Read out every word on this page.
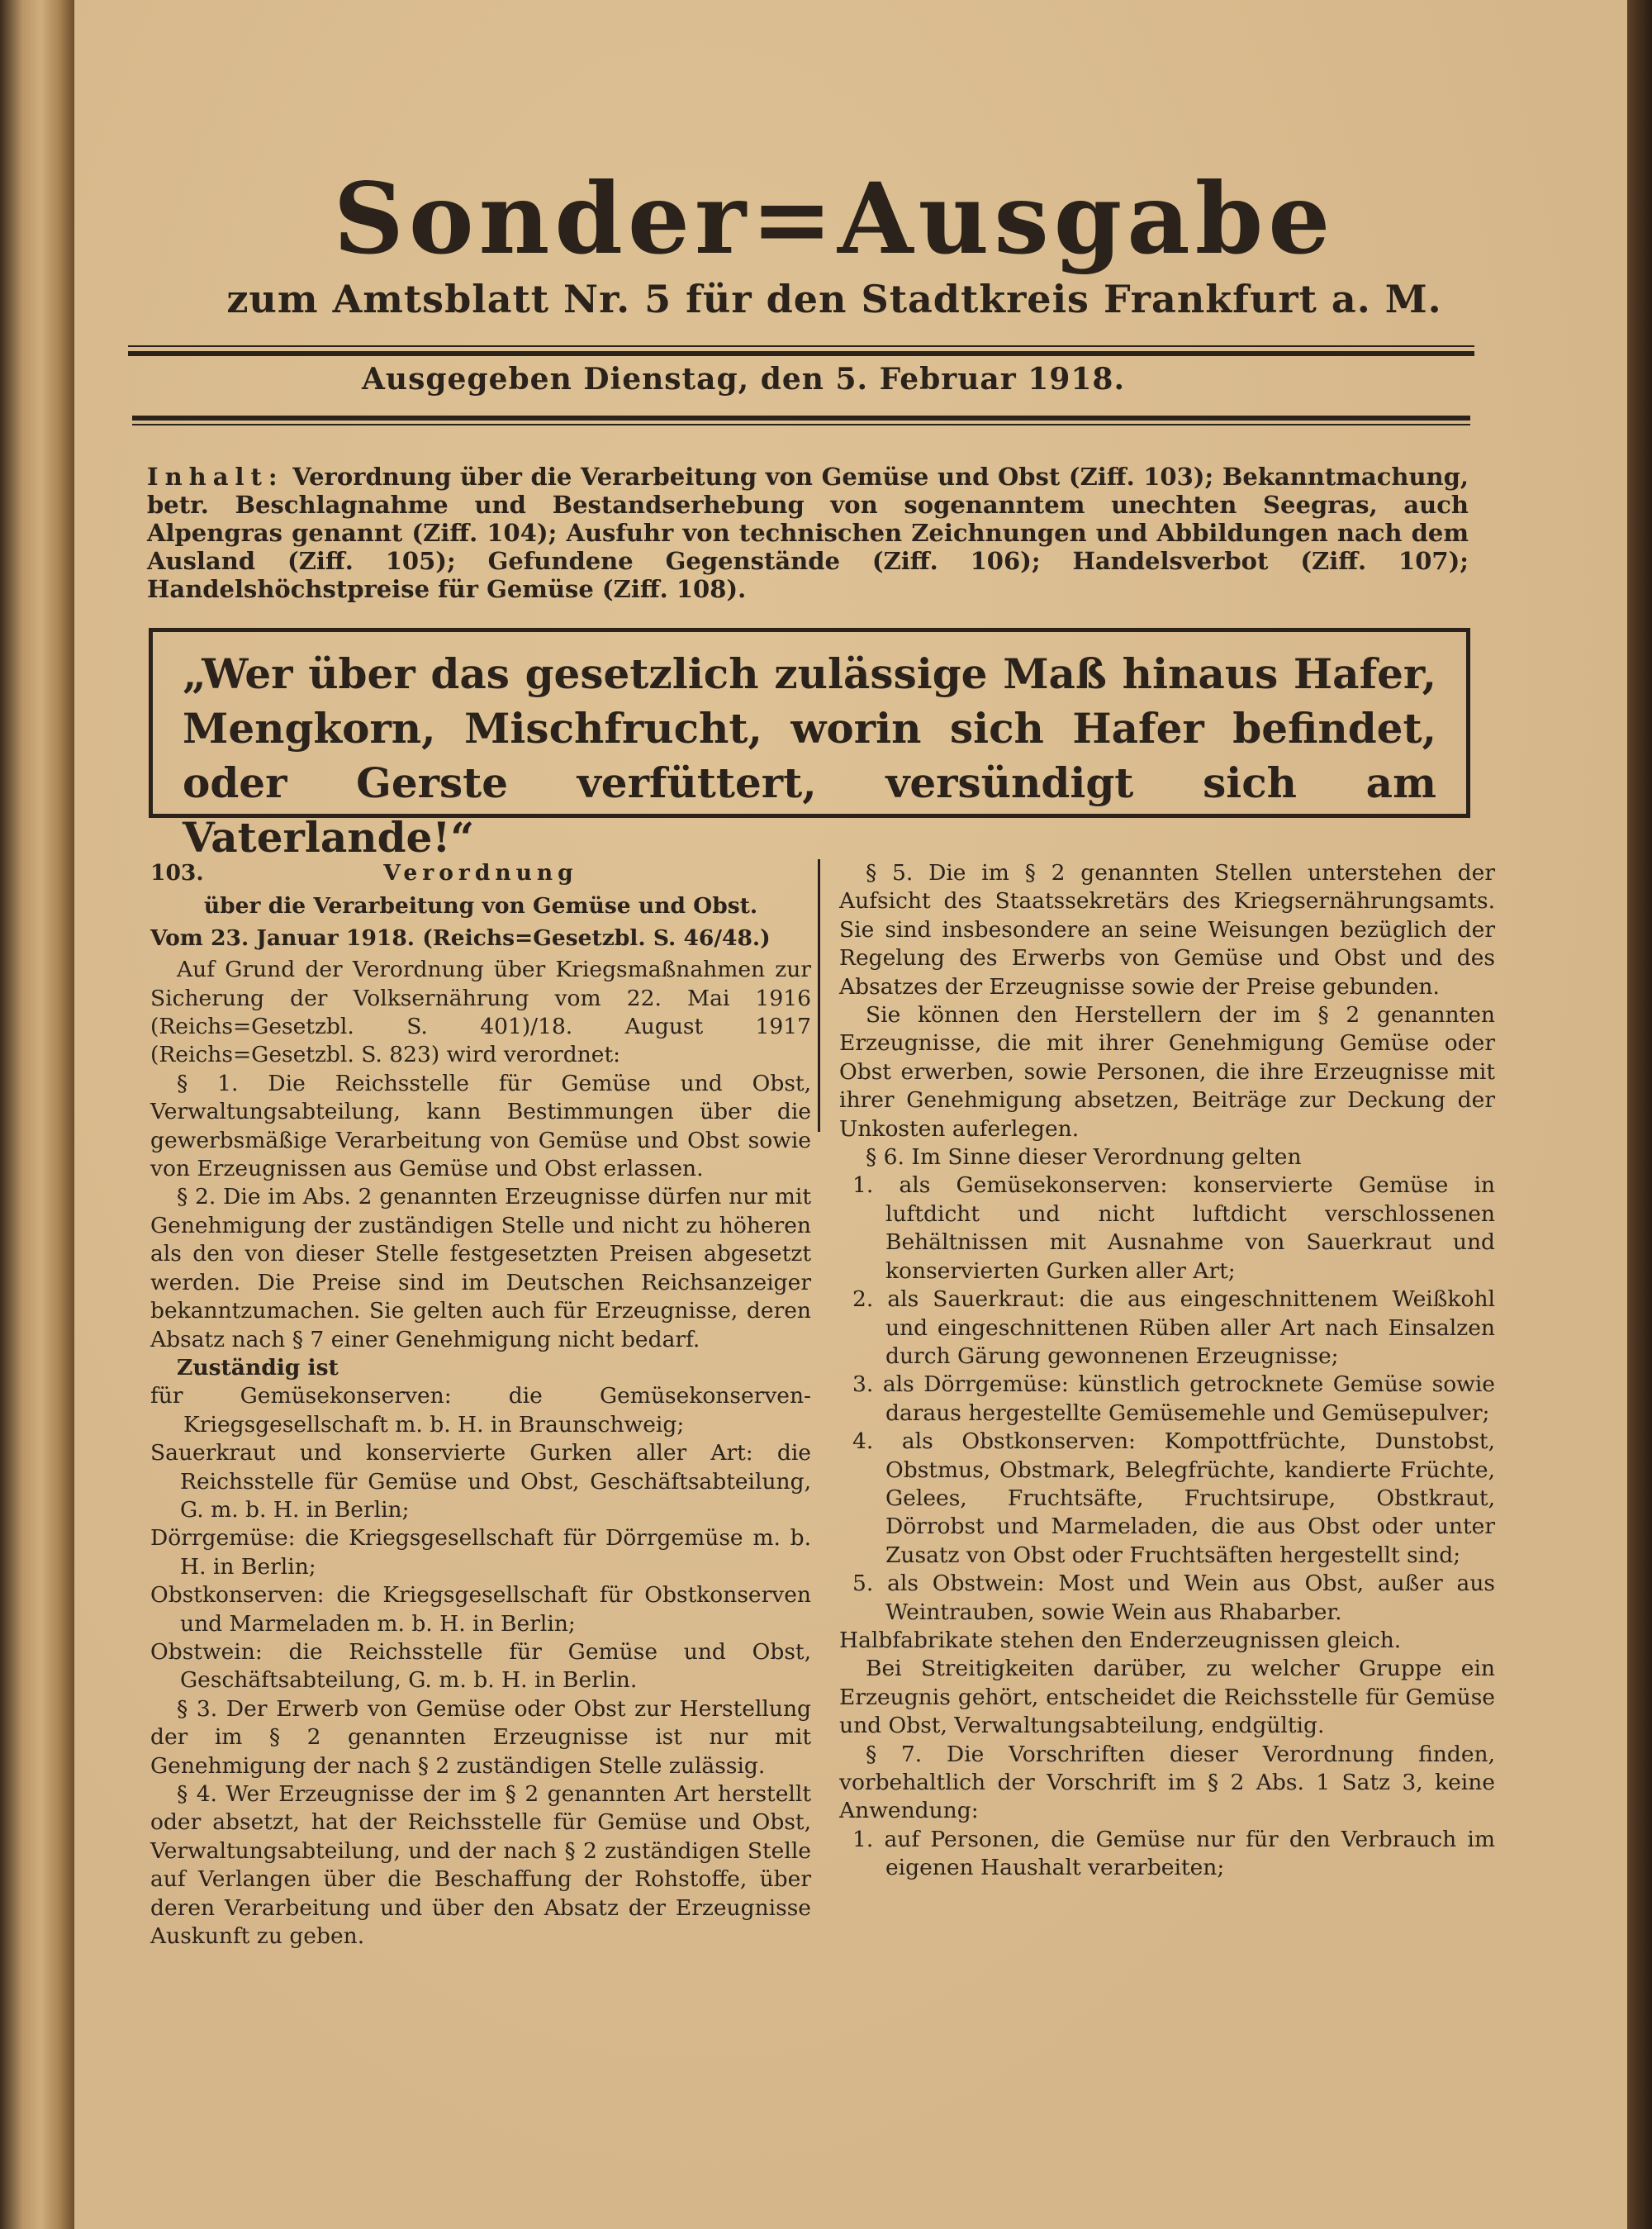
Sonder=Ausgabe
zum Amtsblatt Nr. 5 für den Stadtkreis Frankfurt a. M.
Ausgegeben Dienstag, den 5. Februar 1918.
Inhalt: Verordnung über die Verarbeitung von Gemüse und Obst (Ziff. 103); Bekanntmachung, betr. Beschlagnahme und Bestandserhebung von sogenanntem unechten Seegras, auch Alpengras genannt (Ziff. 104); Ausfuhr von technischen Zeichnungen und Abbildungen nach dem Ausland (Ziff. 105); Gefundene Gegenstände (Ziff. 106); Handelsverbot (Ziff. 107); Handelshöchstpreise für Gemüse (Ziff. 108).
„Wer über das gesetzlich zulässige Maß hinaus Hafer, Mengkorn, Mischfrucht, worin sich Hafer befindet, oder Gerste verfüttert, versündigt sich am Vaterlande!“

103.	Verordnung

über die Verarbeitung von Gemüse und Obst.

Vom 23. Januar 1918. (Reichs=Gesetzbl. S. 46/48.)

Auf Grund der Verordnung über Kriegsmaßnahmen zur Sicherung der Volksernährung vom 22. Mai 1916 (Reichs=Gesetzbl. S. 401)/18. August 1917 (Reichs=Gesetzbl. S. 823) wird verordnet:

§ 1. Die Reichsstelle für Gemüse und Obst, Verwaltungsabteilung, kann Bestimmungen über die gewerbsmäßige Verarbeitung von Gemüse und Obst sowie von Erzeugnissen aus Gemüse und Obst erlassen.

§ 2. Die im Abs. 2 genannten Erzeugnisse dürfen nur mit Genehmigung der zuständigen Stelle und nicht zu höheren als den von dieser Stelle festgesetzten Preisen abgesetzt werden. Die Preise sind im Deutschen Reichsanzeiger bekanntzumachen. Sie gelten auch für Erzeugnisse, deren Absatz nach § 7 einer Genehmigung nicht bedarf.

Zuständig ist

für Gemüsekonserven: die Gemüsekonserven-Kriegsgesellschaft m. b. H. in Braunschweig;

Sauerkraut und konservierte Gurken aller Art: die Reichsstelle für Gemüse und Obst, Geschäftsabteilung, G. m. b. H. in Berlin;

Dörrgemüse: die Kriegsgesellschaft für Dörrgemüse m. b. H. in Berlin;

Obstkonserven: die Kriegsgesellschaft für Obstkonserven und Marmeladen m. b. H. in Berlin;

Obstwein: die Reichsstelle für Gemüse und Obst, Geschäftsabteilung, G. m. b. H. in Berlin.

§ 3. Der Erwerb von Gemüse oder Obst zur Herstellung der im § 2 genannten Erzeugnisse ist nur mit Genehmigung der nach § 2 zuständigen Stelle zulässig.

§ 4. Wer Erzeugnisse der im § 2 genannten Art herstellt oder absetzt, hat der Reichsstelle für Gemüse und Obst, Verwaltungsabteilung, und der nach § 2 zuständigen Stelle auf Verlangen über die Beschaffung der Rohstoffe, über deren Verarbeitung und über den Absatz der Erzeugnisse Auskunft zu geben.

§ 5. Die im § 2 genannten Stellen unterstehen der Aufsicht des Staatssekretärs des Kriegsernährungsamts. Sie sind insbesondere an seine Weisungen bezüglich der Regelung des Erwerbs von Gemüse und Obst und des Absatzes der Erzeugnisse sowie der Preise gebunden.

Sie können den Herstellern der im § 2 genannten Erzeugnisse, die mit ihrer Genehmigung Gemüse oder Obst erwerben, sowie Personen, die ihre Erzeugnisse mit ihrer Genehmigung absetzen, Beiträge zur Deckung der Unkosten auferlegen.

§ 6. Im Sinne dieser Verordnung gelten

1. als Gemüsekonserven: konservierte Gemüse in luftdicht und nicht luftdicht verschlossenen Behältnissen mit Ausnahme von Sauerkraut und konservierten Gurken aller Art;

2. als Sauerkraut: die aus eingeschnittenem Weißkohl und eingeschnittenen Rüben aller Art nach Einsalzen durch Gärung gewonnenen Erzeugnisse;

3. als Dörrgemüse: künstlich getrocknete Gemüse sowie daraus hergestellte Gemüsemehle und Gemüsepulver;

4. als Obstkonserven: Kompottfrüchte, Dunstobst, Obstmus, Obstmark, Belegfrüchte, kandierte Früchte, Gelees, Fruchtsäfte, Fruchtsirupe, Obstkraut, Dörrobst und Marmeladen, die aus Obst oder unter Zusatz von Obst oder Fruchtsäften hergestellt sind;

5. als Obstwein: Most und Wein aus Obst, außer aus Weintrauben, sowie Wein aus Rhabarber.

Halbfabrikate stehen den Enderzeugnissen gleich.

Bei Streitigkeiten darüber, zu welcher Gruppe ein Erzeugnis gehört, entscheidet die Reichsstelle für Gemüse und Obst, Verwaltungsabteilung, endgültig.

§ 7. Die Vorschriften dieser Verordnung finden, vorbehaltlich der Vorschrift im § 2 Abs. 1 Satz 3, keine Anwendung:

1. auf Personen, die Gemüse nur für den Verbrauch im eigenen Haushalt verarbeiten;
